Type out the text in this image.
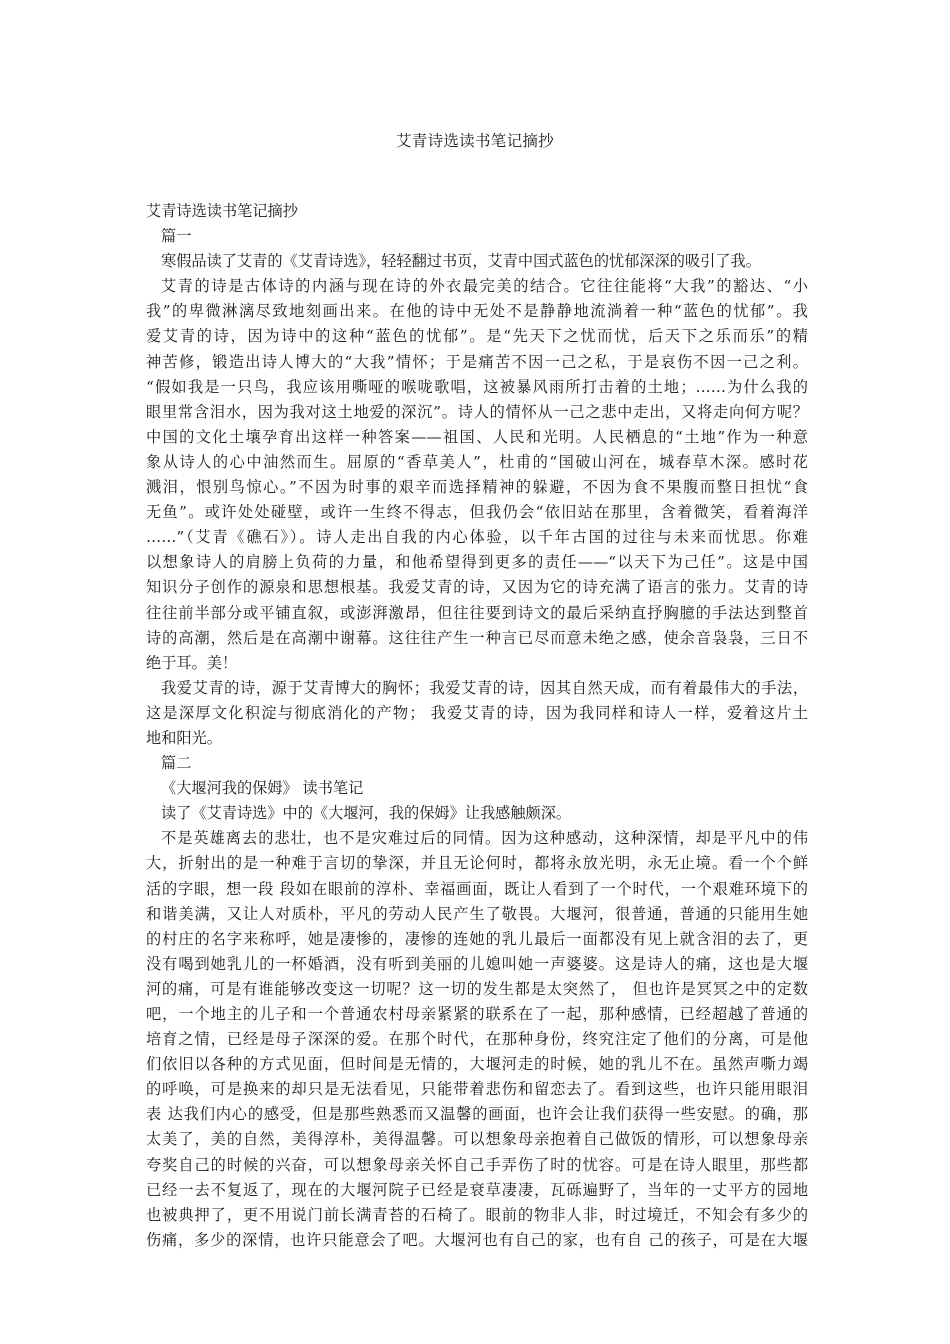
艾青诗选读书笔记摘抄
艾青诗选读书笔记摘抄
篇一
寒假品读了艾青的《艾青诗选》，轻轻翻过书页，艾青中国式蓝色的忧郁深深的吸引了我。
艾青的诗是古体诗的内涵与现在诗的外衣最完美的结合。它往往能将“大我”的豁达、“小
我”的卑微淋漓尽致地刻画出来。在他的诗中无处不是静静地流淌着一种“蓝色的忧郁”。我
爱艾青的诗，因为诗中的这种“蓝色的忧郁”。是“先天下之忧而忧，后天下之乐而乐”的精
神苦修，锻造出诗人博大的“大我”情怀；于是痛苦不因一己之私，于是哀伤不因一己之利。
“假如我是一只鸟，我应该用嘶哑的喉咙歌唱，这被暴风雨所打击着的土地；……为什么我的
眼里常含泪水，因为我对这土地爱的深沉”。诗人的情怀从一己之悲中走出，又将走向何方呢？
中国的文化土壤孕育出这样一种答案——祖国、人民和光明。人民栖息的“土地”作为一种意
象从诗人的心中油然而生。屈原的“香草美人”，杜甫的“国破山河在，城春草木深。感时花
溅泪，恨别鸟惊心。”不因为时事的艰辛而选择精神的躲避，不因为食不果腹而整日担忧“食
无鱼”。或许处处碰壁，或许一生终不得志，但我仍会“依旧站在那里，含着微笑，看着海洋
……”（艾青《礁石》）。诗人走出自我的内心体验，以千年古国的过往与未来而忧思。你难
以想象诗人的肩膀上负荷的力量，和他希望得到更多的责任——“以天下为己任”。这是中国
知识分子创作的源泉和思想根基。我爱艾青的诗，又因为它的诗充满了语言的张力。艾青的诗
往往前半部分或平铺直叙，或澎湃激昂，但往往要到诗文的最后采纳直抒胸臆的手法达到整首
诗的高潮，然后是在高潮中谢幕。这往往产生一种言已尽而意未绝之感，使余音袅袅，三日不
绝于耳。美！
我爱艾青的诗，源于艾青博大的胸怀；我爱艾青的诗，因其自然天成，而有着最伟大的手法，
这是深厚文化积淀与彻底消化的产物； 我爱艾青的诗，因为我同样和诗人一样，爱着这片土
地和阳光。
篇二
《大堰河我的保姆》 读书笔记
读了《艾青诗选》中的《大堰河，我的保姆》让我感触颇深。
不是英雄离去的悲壮，也不是灾难过后的同情。因为这种感动，这种深情，却是平凡中的伟
大，折射出的是一种难于言切的挚深，并且无论何时，都将永放光明，永无止境。看一个个鲜
活的字眼，想一段 段如在眼前的淳朴、幸福画面，既让人看到了一个时代，一个艰难环境下的
和谐美满，又让人对质朴，平凡的劳动人民产生了敬畏。大堰河，很普通，普通的只能用生她
的村庄的名字来称呼，她是凄惨的，凄惨的连她的乳儿最后一面都没有见上就含泪的去了，更
没有喝到她乳儿的一杯婚酒，没有听到美丽的儿媳叫她一声婆婆。这是诗人的痛，这也是大堰
河的痛，可是有谁能够改变这一切呢？这一切的发生都是太突然了， 但也许是冥冥之中的定数
吧，一个地主的儿子和一个普通农村母亲紧紧的联系在了一起，那种感情，已经超越了普通的
培育之情，已经是母子深深的爱。在那个时代，在那种身份，终究注定了他们的分离，可是他
们依旧以各种的方式见面，但时间是无情的，大堰河走的时候，她的乳儿不在。虽然声嘶力竭
的呼唤，可是换来的却只是无法看见，只能带着悲伤和留恋去了。看到这些，也许只能用眼泪
表 达我们内心的感受，但是那些熟悉而又温馨的画面，也许会让我们获得一些安慰。的确，那
太美了，美的自然，美得淳朴，美得温馨。可以想象母亲抱着自己做饭的情形，可以想象母亲
夸奖自己的时候的兴奋，可以想象母亲关怀自己手弄伤了时的忧容。可是在诗人眼里，那些都
已经一去不复返了，现在的大堰河院子已经是衰草凄凄，瓦砾遍野了，当年的一丈平方的园地
也被典押了，更不用说门前长满青苔的石椅了。眼前的物非人非，时过境迁，不知会有多少的
伤痛，多少的深情，也许只能意会了吧。大堰河也有自己的家，也有自 己的孩子，可是在大堰
